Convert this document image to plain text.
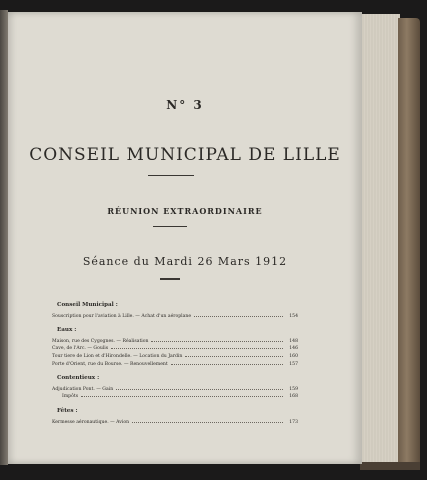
N° 3
CONSEIL MUNICIPAL DE LILLE
RÉUNION EXTRAORDINAIRE
Séance du Mardi 26 Mars 1912
Conseil Municipal :
Souscription pour l'aviation à Lille. — Achat d'un aéroplane	154
Eaux :
Maison, rue des Cygognes. — Réalisation	148
Cave, de l'Arc. — Goulis	146
Tour tiere de Lion et d'Hirondelle. — Location du Jardin	160
Porte d'Orient, rue du Bourse. — Renouvellement	157
Contentieux :
Adjudication Pont. — Gain	159
Impôts	168
Fêtes :
Kermesse aéronautique. — Avion	173
